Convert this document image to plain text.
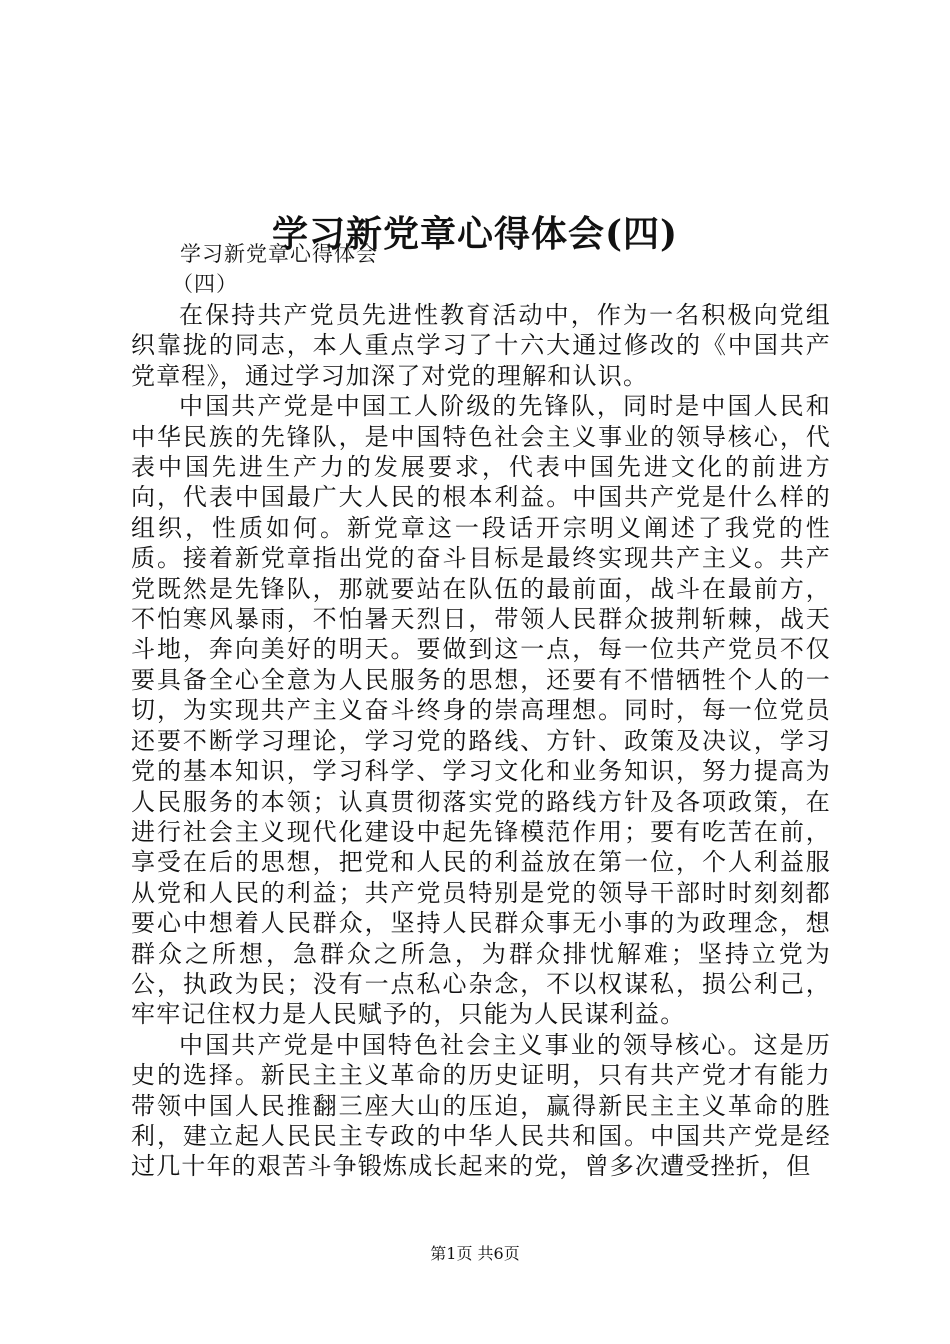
学习新党章心得体会(四)
学习新党章心得体会
（四）

在保持共产党员先进性教育活动中，作为一名积极向党组织靠拢的同志，本人重点学习了十六大通过修改的《中国共产党章程》，通过学习加深了对党的理解和认识。

中国共产党是中国工人阶级的先锋队，同时是中国人民和中华民族的先锋队，是中国特色社会主义事业的领导核心，代表中国先进生产力的发展要求，代表中国先进文化的前进方向，代表中国最广大人民的根本利益。中国共产党是什么样的组织，性质如何。新党章这一段话开宗明义阐述了我党的性质。接着新党章指出党的奋斗目标是最终实现共产主义。共产党既然是先锋队，那就要站在队伍的最前面，战斗在最前方，不怕寒风暴雨，不怕暑天烈日，带领人民群众披荆斩棘，战天斗地，奔向美好的明天。要做到这一点，每一位共产党员不仅要具备全心全意为人民服务的思想，还要有不惜牺牲个人的一切，为实现共产主义奋斗终身的崇高理想。同时，每一位党员还要不断学习理论，学习党的路线、方针、政策及决议，学习党的基本知识，学习科学、学习文化和业务知识，努力提高为人民服务的本领；认真贯彻落实党的路线方针及各项政策，在进行社会主义现代化建设中起先锋模范作用；要有吃苦在前，享受在后的思想，把党和人民的利益放在第一位，个人利益服从党和人民的利益；共产党员特别是党的领导干部时时刻刻都要心中想着人民群众，坚持人民群众事无小事的为政理念，想群众之所想，急群众之所急，为群众排忧解难；坚持立党为公，执政为民；没有一点私心杂念，不以权谋私，损公利己，牢牢记住权力是人民赋予的，只能为人民谋利益。

中国共产党是中国特色社会主义事业的领导核心。这是历史的选择。新民主主义革命的历史证明，只有共产党才有能力带领中国人民推翻三座大山的压迫，赢得新民主主义革命的胜利，建立起人民民主专政的中华人民共和国。中国共产党是经过几十年的艰苦斗争锻炼成长起来的党，曾多次遭受挫折，但

第1页 共6页
